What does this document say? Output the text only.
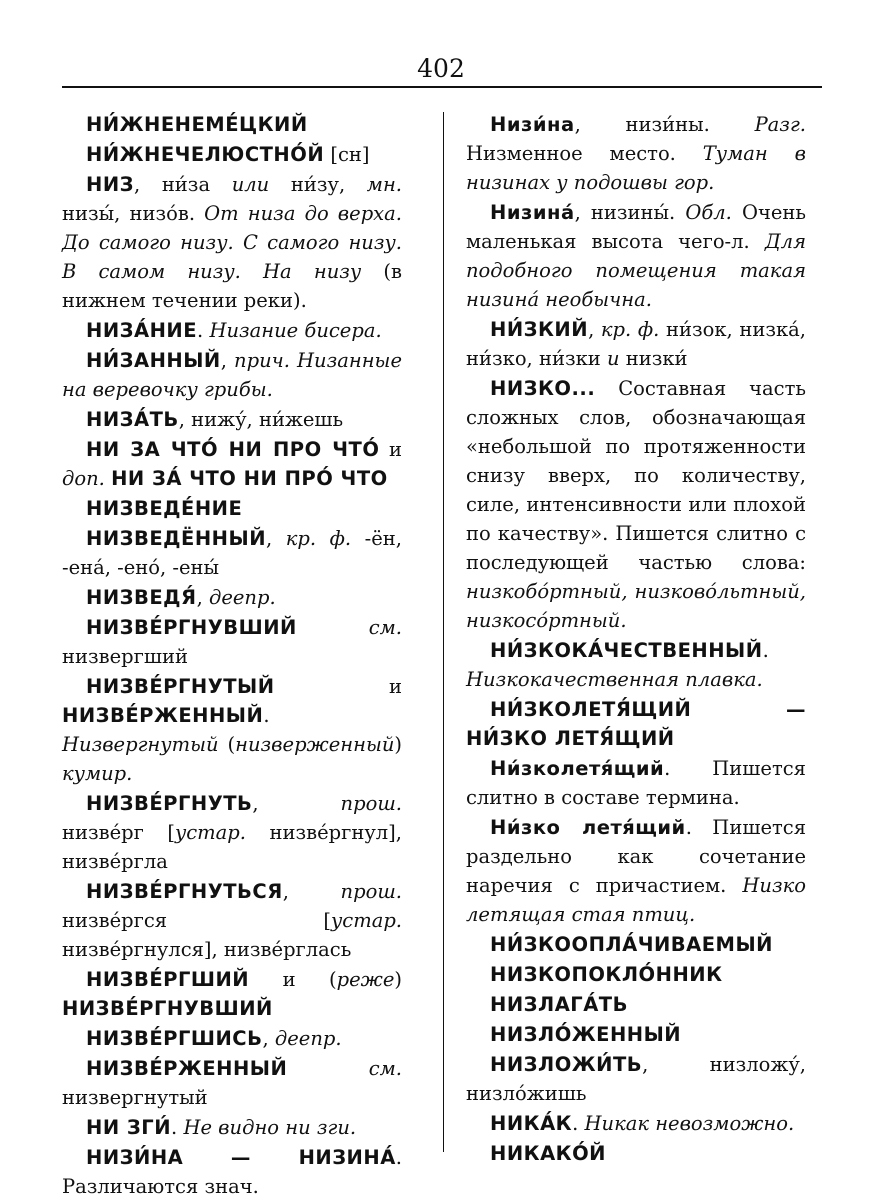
402

НИ́ЖНЕНЕМЕ́ЦКИЙ

НИ́ЖНЕЧЕЛЮСТНО́Й [сн]

НИЗ, ни́за или ни́зу, мн. низы́, низо́в. От низа до верха. До самого низу. С самого низу. В самом низу. На низу (в нижнем течении реки).

НИЗА́НИЕ. Низание бисера.

НИ́ЗАННЫЙ, прич. Низанные на веревочку грибы.

НИЗА́ТЬ, нижу́, ни́жешь

НИ ЗА ЧТО́ НИ ПРО ЧТО́ и доп. НИ ЗА́ ЧТО НИ ПРО́ ЧТО

НИЗВЕДЕ́НИЕ

НИЗВЕДЁННЫЙ, кр. ф. -ён, -ена́, -ено́, -ены́

НИЗВЕДЯ́, деепр.

НИЗВЕ́РГНУВШИЙ	см. низвергший

НИЗВЕ́РГНУТЫЙ и НИЗВЕ́РЖЕННЫЙ. Низвергнутый (низверженный) кумир.

НИЗВЕ́РГНУТЬ, прош. низве́рг [устар. низве́ргнул], низве́ргла

НИЗВЕ́РГНУТЬСЯ, прош. низве́ргся [устар. низве́ргнулся], низве́рглась

НИЗВЕ́РГШИЙ и (реже) НИЗВЕ́РГНУВШИЙ

НИЗВЕ́РГШИСЬ, деепр.

НИЗВЕ́РЖЕННЫЙ	см. низвергнутый

НИ ЗГИ́. Не видно ни зги.

НИЗИ́НА — НИЗИНА́. Различаются знач.

Низи́на, низи́ны. Разг. Низменное место. Туман в низинах у подошвы гор.

Низина́, низины́. Обл. Очень маленькая высота чего-л. Для подобного помещения такая низина́ необычна.

НИ́ЗКИЙ, кр. ф. ни́зок, низка́, ни́зко, ни́зки и низки́

НИЗКО... Составная часть сложных слов, обозначающая «небольшой по протяженности снизу вверх, по количеству, силе, интенсивности или плохой по качеству». Пишется слитно с последующей частью слова: низкобо́ртный, низково́льтный, низкосо́ртный.

НИ́ЗКОКА́ЧЕСТВЕННЫЙ. Низкокачественная плавка.

НИ́ЗКОЛЕТЯ́ЩИЙ — НИ́ЗКО ЛЕТЯ́ЩИЙ

Ни́зколетя́щий. Пишется слитно в составе термина.

Ни́зко летя́щий. Пишется раздельно как сочетание наречия с причастием. Низко летящая стая птиц.

НИ́ЗКООПЛА́ЧИВАЕМЫЙ

НИЗКОПОКЛО́ННИК

НИЗЛАГА́ТЬ

НИЗЛО́ЖЕННЫЙ

НИЗЛОЖИ́ТЬ, низложу́, низло́жишь

НИКА́К. Никак невозможно.

НИКАКО́Й
